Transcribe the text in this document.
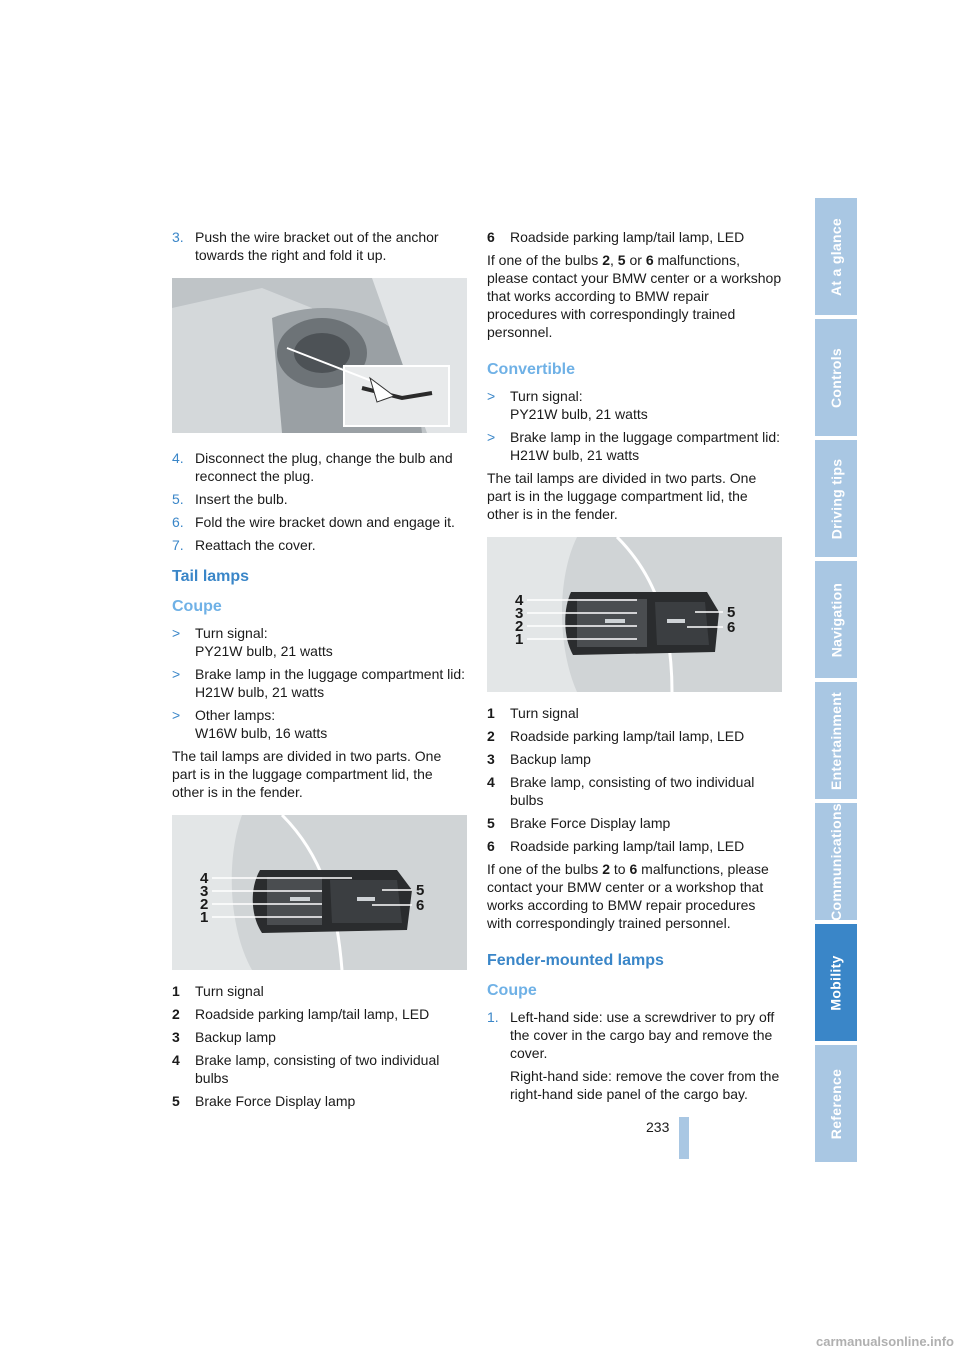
3. Push the wire bracket out of the anchor towards the right and fold it up.
4. Disconnect the plug, change the bulb and reconnect the plug.
5. Insert the bulb.
6. Fold the wire bracket down and engage it.
7. Reattach the cover.
Tail lamps
Coupe
>	Turn signal:
PY21W bulb, 21 watts
>	Brake lamp in the luggage compartment lid:
H21W bulb, 21 watts
>	Other lamps:
W16W bulb, 16 watts

The tail lamps are divided in two parts. One part is in the luggage compartment lid, the other is in the fender.

4
3
2
1
5
6
1	Turn signal
2	Roadside parking lamp/tail lamp, LED
3	Backup lamp
4	Brake lamp, consisting of two individual bulbs
5	Brake Force Display lamp
6	Roadside parking lamp/tail lamp, LED

If one of the bulbs 2, 5 or 6 malfunctions, please contact your BMW center or a workshop that works according to BMW repair procedures with correspondingly trained personnel.

Convertible
>	Turn signal:
PY21W bulb, 21 watts
>	Brake lamp in the luggage compartment lid:
H21W bulb, 21 watts

The tail lamps are divided in two parts. One part is in the luggage compartment lid, the other is in the fender.

4
3
2
1
5
6
1	Turn signal
2	Roadside parking lamp/tail lamp, LED
3	Backup lamp
4	Brake lamp, consisting of two individual bulbs
5	Brake Force Display lamp
6	Roadside parking lamp/tail lamp, LED

If one of the bulbs 2 to 6 malfunctions, please contact your BMW center or a workshop that works according to BMW repair procedures with correspondingly trained personnel.

Fender-mounted lamps
Coupe
1. Left-hand side: use a screwdriver to pry off the cover in the cargo bay and remove the cover.

Right-hand side: remove the cover from the right-hand side panel of the cargo bay.

233
At a glance
Controls
Driving tips
Navigation
Entertainment
Communications
Mobility
Reference
carmanualsonline.info
